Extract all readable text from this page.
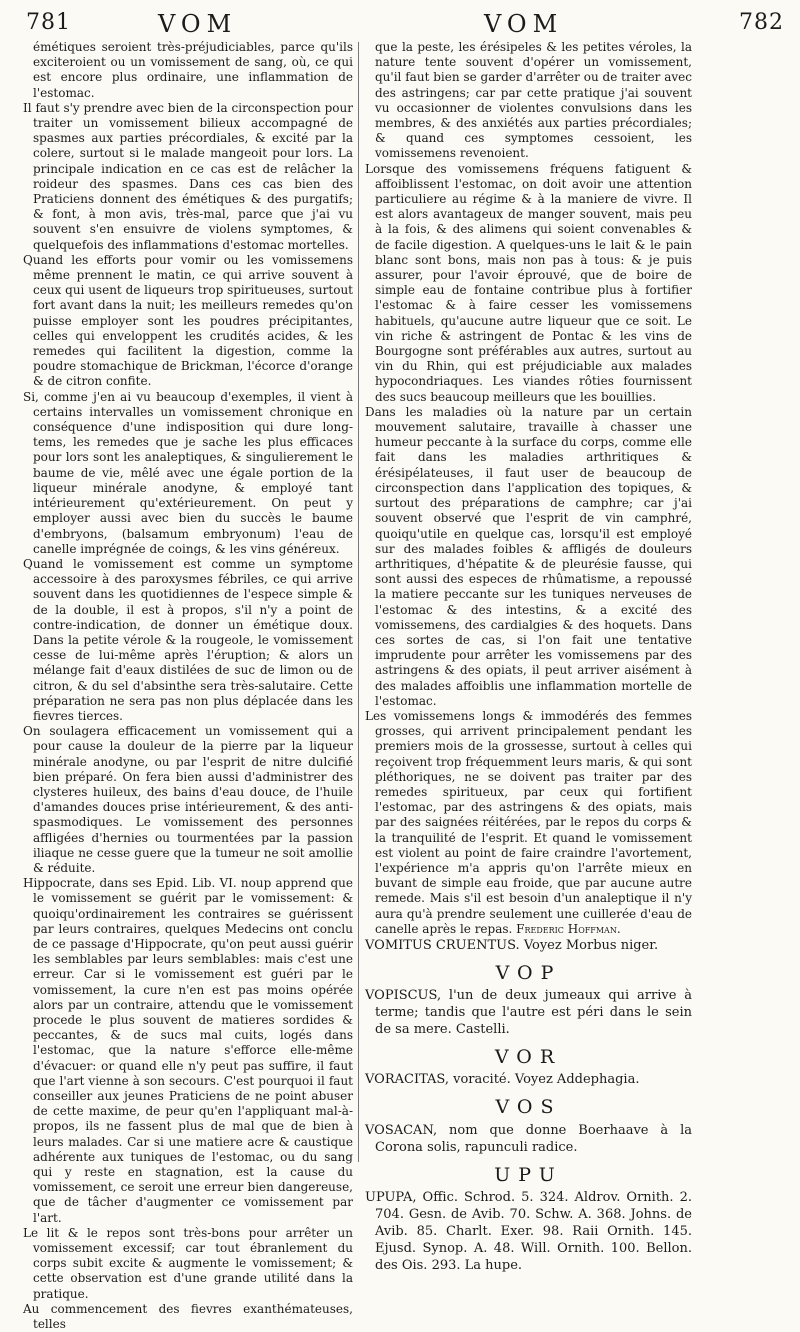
781	VOM	VOM	782

émétiques seroient très-préjudiciables, parce qu'ils exciteroient ou un vomissement de sang, où, ce qui est encore plus ordinaire, une inflammation de l'estomac.

Il faut s'y prendre avec bien de la circonspection pour traiter un vomissement bilieux accompagné de spasmes aux parties précordiales, & excité par la colere, surtout si le malade mangeoit pour lors. La principale indication en ce cas est de relâcher la roideur des spasmes. Dans ces cas bien des Praticiens donnent des émétiques & des purgatifs; & font, à mon avis, très-mal, parce que j'ai vu souvent s'en ensuivre de violens symptomes, & quelquefois des inflammations d'estomac mortelles.

Quand les efforts pour vomir ou les vomissemens même prennent le matin, ce qui arrive souvent à ceux qui usent de liqueurs trop spiritueuses, surtout fort avant dans la nuit; les meilleurs remedes qu'on puisse employer sont les poudres précipitantes, celles qui enveloppent les crudités acides, & les remedes qui facilitent la digestion, comme la poudre stomachique de Brickman, l'écorce d'orange & de citron confite.

Si, comme j'en ai vu beaucoup d'exemples, il vient à certains intervalles un vomissement chronique en conséquence d'une indisposition qui dure long-tems, les remedes que je sache les plus efficaces pour lors sont les analeptiques, & singulierement le baume de vie, mêlé avec une égale portion de la liqueur minérale anodyne, & employé tant intérieurement qu'extérieurement. On peut y employer aussi avec bien du succès le baume d'embryons, (balsamum embryonum) l'eau de canelle imprégnée de coings, & les vins généreux.

Quand le vomissement est comme un symptome accessoire à des paroxysmes fébriles, ce qui arrive souvent dans les quotidiennes de l'espece simple & de la double, il est à propos, s'il n'y a point de contre-indication, de donner un émétique doux. Dans la petite vérole & la rougeole, le vomissement cesse de lui-même après l'éruption; & alors un mélange fait d'eaux distilées de suc de limon ou de citron, & du sel d'absinthe sera très-salutaire. Cette préparation ne sera pas non plus déplacée dans les fievres tierces.

On soulagera efficacement un vomissement qui a pour cause la douleur de la pierre par la liqueur minérale anodyne, ou par l'esprit de nitre dulcifié bien préparé. On fera bien aussi d'administrer des clysteres huileux, des bains d'eau douce, de l'huile d'amandes douces prise intérieurement, & des anti-spasmodiques. Le vomissement des personnes affligées d'hernies ou tourmentées par la passion iliaque ne cesse guere que la tumeur ne soit amollie & réduite.

Hippocrate, dans ses Epid. Lib. VI. noup apprend que le vomissement se guérit par le vomissement: & quoiqu'ordinairement les contraires se guérissent par leurs contraires, quelques Medecins ont conclu de ce passage d'Hippocrate, qu'on peut aussi guérir les semblables par leurs semblables: mais c'est une erreur. Car si le vomissement est guéri par le vomissement, la cure n'en est pas moins opérée alors par un contraire, attendu que le vomissement procede le plus souvent de matieres sordides & peccantes, & de sucs mal cuits, logés dans l'estomac, que la nature s'efforce elle-même d'évacuer: or quand elle n'y peut pas suffire, il faut que l'art vienne à son secours. C'est pourquoi il faut conseiller aux jeunes Praticiens de ne point abuser de cette maxime, de peur qu'en l'appliquant mal-à-propos, ils ne fassent plus de mal que de bien à leurs malades. Car si une matiere acre & caustique adhérente aux tuniques de l'estomac, ou du sang qui y reste en stagnation, est la cause du vomissement, ce seroit une erreur bien dangereuse, que de tâcher d'augmenter ce vomissement par l'art.

Le lit & le repos sont très-bons pour arrêter un vomissement excessif; car tout ébranlement du corps subit excite & augmente le vomissement; & cette observation est d'une grande utilité dans la pratique.

Au commencement des fievres exanthémateuses, telles

que la peste, les érésipeles & les petites véroles, la nature tente souvent d'opérer un vomissement, qu'il faut bien se garder d'arrêter ou de traiter avec des astringens; car par cette pratique j'ai souvent vu occasionner de violentes convulsions dans les membres, & des anxiétés aux parties précordiales; & quand ces symptomes cessoient, les vomissemens revenoient.

Lorsque des vomissemens fréquens fatiguent & affoiblissent l'estomac, on doit avoir une attention particuliere au régime & à la maniere de vivre. Il est alors avantageux de manger souvent, mais peu à la fois, & des alimens qui soient convenables & de facile digestion. A quelques-uns le lait & le pain blanc sont bons, mais non pas à tous: & je puis assurer, pour l'avoir éprouvé, que de boire de simple eau de fontaine contribue plus à fortifier l'estomac & à faire cesser les vomissemens habituels, qu'aucune autre liqueur que ce soit. Le vin riche & astringent de Pontac & les vins de Bourgogne sont préférables aux autres, surtout au vin du Rhin, qui est préjudiciable aux malades hypocondriaques. Les viandes rôties fournissent des sucs beaucoup meilleurs que les bouillies.

Dans les maladies où la nature par un certain mouvement salutaire, travaille à chasser une humeur peccante à la surface du corps, comme elle fait dans les maladies arthritiques & érésipélateuses, il faut user de beaucoup de circonspection dans l'application des topiques, & surtout des préparations de camphre; car j'ai souvent observé que l'esprit de vin camphré, quoiqu'utile en quelque cas, lorsqu'il est employé sur des malades foibles & affligés de douleurs arthritiques, d'hépatite & de pleurésie fausse, qui sont aussi des especes de rhûmatisme, a repoussé la matiere peccante sur les tuniques nerveuses de l'estomac & des intestins, & a excité des vomissemens, des cardialgies & des hoquets. Dans ces sortes de cas, si l'on fait une tentative imprudente pour arrêter les vomissemens par des astringens & des opiats, il peut arriver aisément à des malades affoiblis une inflammation mortelle de l'estomac.

Les vomissemens longs & immodérés des femmes grosses, qui arrivent principalement pendant les premiers mois de la grossesse, surtout à celles qui reçoivent trop fréquemment leurs maris, & qui sont pléthoriques, ne se doivent pas traiter par des remedes spiritueux, par ceux qui fortifient l'estomac, par des astringens & des opiats, mais par des saignées réitérées, par le repos du corps & la tranquilité de l'esprit. Et quand le vomissement est violent au point de faire craindre l'avortement, l'expérience m'a appris qu'on l'arrête mieux en buvant de simple eau froide, que par aucune autre remede. Mais s'il est besoin d'un analeptique il n'y aura qu'à prendre seulement une cuillerée d'eau de canelle après le repas. Frederic Hoffman.

VOMITUS CRUENTUS. Voyez Morbus niger.

VOP

VOPISCUS, l'un de deux jumeaux qui arrive à terme; tandis que l'autre est péri dans le sein de sa mere. Castelli.

VOR

VORACITAS, voracité. Voyez Addephagia.

VOS

VOSACAN, nom que donne Boerhaave à la Corona solis, rapunculi radice.

UPU

UPUPA, Offic. Schrod. 5. 324. Aldrov. Ornith. 2. 704. Gesn. de Avib. 70. Schw. A. 368. Johns. de Avib. 85. Charlt. Exer. 98. Raii Ornith. 145. Ejusd. Synop. A. 48. Will. Ornith. 100. Bellon. des Ois. 293. La hupe.
